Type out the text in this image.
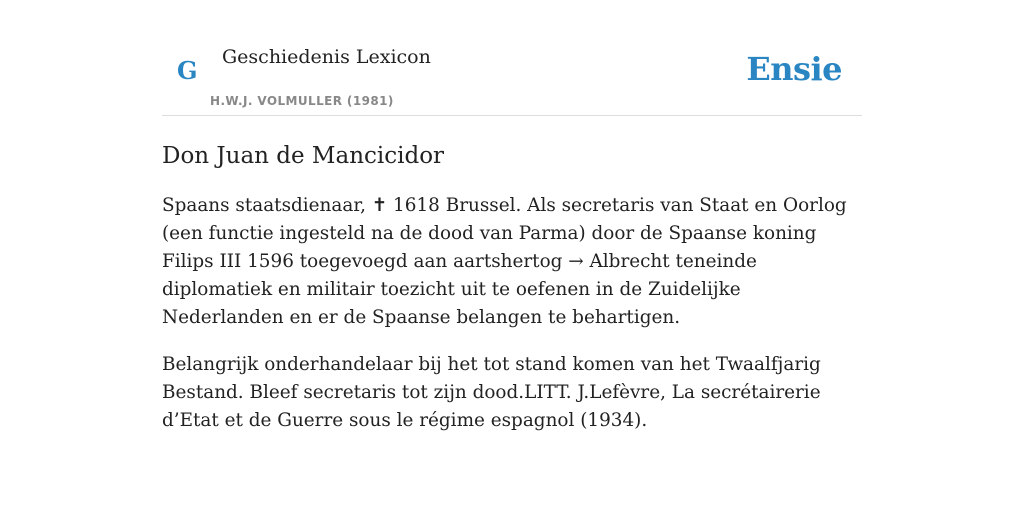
G Geschiedenis Lexicon
H.W.J. VOLMULLER (1981)
Ensie
Don Juan de Mancicidor

Spaans staatsdienaar, ✝ 1618 Brussel. Als secretaris van Staat en Oorlog (een functie ingesteld na de dood van Parma) door de Spaanse koning Filips III 1596 toegevoegd aan aartshertog → Albrecht teneinde diplomatiek en militair toezicht uit te oefenen in de Zuidelijke Nederlanden en er de Spaanse belangen te behartigen.

Belangrijk onderhandelaar bij het tot stand komen van het Twaalfjarig Bestand. Bleef secretaris tot zijn dood.LITT. J.Lefèvre, La secrétairerie d’Etat et de Guerre sous le régime espagnol (1934).
